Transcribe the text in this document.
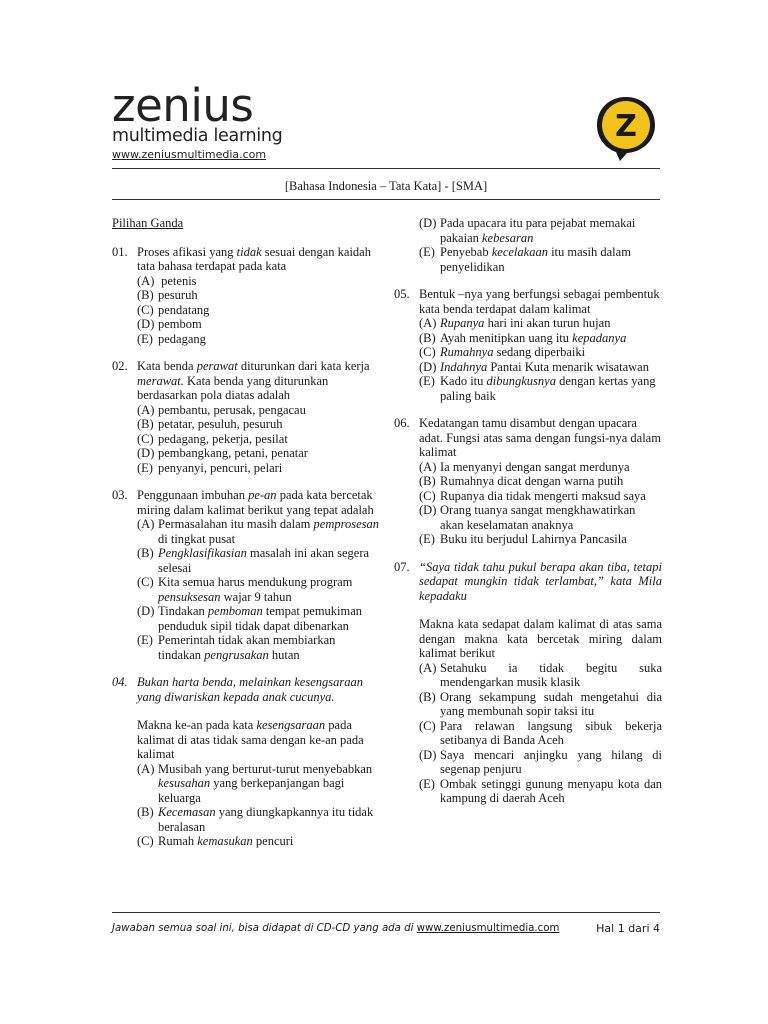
zenius
multimedia learning
www.zeniusmultimedia.com
Z
[Bahasa Indonesia – Tata Kata] - [SMA]
Pilihan Ganda
01. Proses afikasi yang tidak sesuai dengan kaidah tata bahasa terdapat pada kata
(A) petenis
(B) pesuruh
(C) pendatang
(D) pembom
(E) pedagang
02. Kata benda perawat diturunkan dari kata kerja merawat. Kata benda yang diturunkan berdasarkan pola diatas adalah
(A) pembantu, perusak, pengacau
(B) petatar, pesuluh, pesuruh
(C) pedagang, pekerja, pesilat
(D) pembangkang, petani, penatar
(E) penyanyi, pencuri, pelari
03. Penggunaan imbuhan pe-an pada kata bercetak miring dalam kalimat berikut yang tepat adalah
(A) Permasalahan itu masih dalam pemprosesan di tingkat pusat
(B) Pengklasifikasian masalah ini akan segera selesai
(C) Kita semua harus mendukung program pensuksesan wajar 9 tahun
(D) Tindakan pemboman tempat pemukiman penduduk sipil tidak dapat dibenarkan
(E) Pemerintah tidak akan membiarkan tindakan pengrusakan hutan
04. Bukan harta benda, melainkan kesengsaraan yang diwariskan kepada anak cucunya.
Makna ke-an pada kata kesengsaraan pada kalimat di atas tidak sama dengan ke-an pada kalimat
(A) Musibah yang berturut-turut menyebabkan kesusahan yang berkepanjangan bagi keluarga
(B) Kecemasan yang diungkapkannya itu tidak beralasan
(C) Rumah kemasukan pencuri
(D) Pada upacara itu para pejabat memakai pakaian kebesaran
(E) Penyebab kecelakaan itu masih dalam penyelidikan
05. Bentuk –nya yang berfungsi sebagai pembentuk kata benda terdapat dalam kalimat
(A) Rupanya hari ini akan turun hujan
(B) Ayah menitipkan uang itu kepadanya
(C) Rumahnya sedang diperbaiki
(D) Indahnya Pantai Kuta menarik wisatawan
(E) Kado itu dibungkusnya dengan kertas yang paling baik
06. Kedatangan tamu disambut dengan upacara adat. Fungsi atas sama dengan fungsi-nya dalam kalimat
(A) Ia menyanyi dengan sangat merdunya
(B) Rumahnya dicat dengan warna putih
(C) Rupanya dia tidak mengerti maksud saya
(D) Orang tuanya sangat mengkhawatirkan akan keselamatan anaknya
(E) Buku itu berjudul Lahirnya Pancasila
07. “Saya tidak tahu pukul berapa akan tiba, tetapi sedapat mungkin tidak terlambat,” kata Mila kepadaku
Makna kata sedapat dalam kalimat di atas sama dengan makna kata bercetak miring dalam kalimat berikut
(A) Setahuku ia tidak begitu suka mendengarkan musik klasik
(B) Orang sekampung sudah mengetahui dia yang membunah sopir taksi itu
(C) Para relawan langsung sibuk bekerja setibanya di Banda Aceh
(D) Saya mencari anjingku yang hilang di segenap penjuru
(E) Ombak setinggi gunung menyapu kota dan kampung di daerah Aceh
Jawaban semua soal ini, bisa didapat di CD-CD yang ada di www.zeniusmultimedia.com	Hal 1 dari 4
